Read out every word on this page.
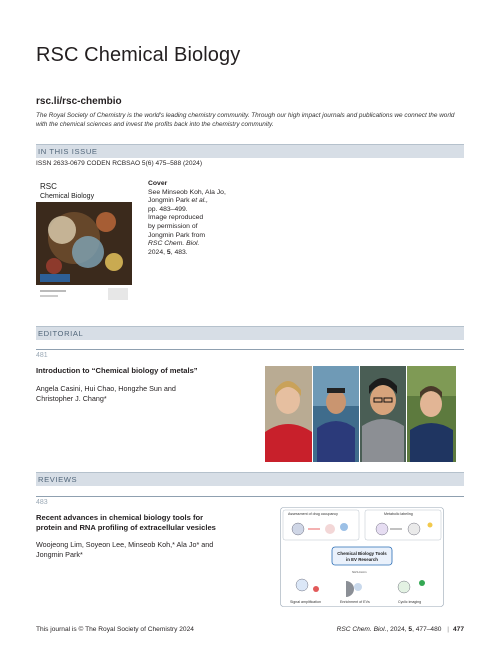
RSC Chemical Biology
rsc.li/rsc-chembio
The Royal Society of Chemistry is the world's leading chemistry community. Through our high impact journals and publications we connect the world with the chemical sciences and invest the profits back into the chemistry community.
IN THIS ISSUE
ISSN 2633-0679 CODEN RCBSAO 5(6) 475–588 (2024)
RSC
Chemical Biology
Cover
See Minseob Koh, Ala Jo,
Jongmin Park et al.,
pp. 483–499.
Image reproduced
by permission of
Jongmin Park from
RSC Chem. Biol.
2024, 5, 483.
EDITORIAL
481
Introduction to “Chemical biology of metals”
Angela Casini, Hui Chao, Hongzhe Sun and
Christopher J. Chang*
REVIEWS
483
Recent advances in chemical biology tools for
protein and RNA profiling of extracellular vesicles
Woojeong Lim, Soyeon Lee, Minseob Koh,* Ala Jo* and
Jongmin Park*
Assessment of drug occupancy	Metabolic labeling
Chemical Biology Tools
in EV Research
NHS-biotin
Signal amplification	Enrichment of EVs	Cyclic imaging
This journal is © The Royal Society of Chemistry 2024	RSC Chem. Biol., 2024, 5, 477–480 | 477
